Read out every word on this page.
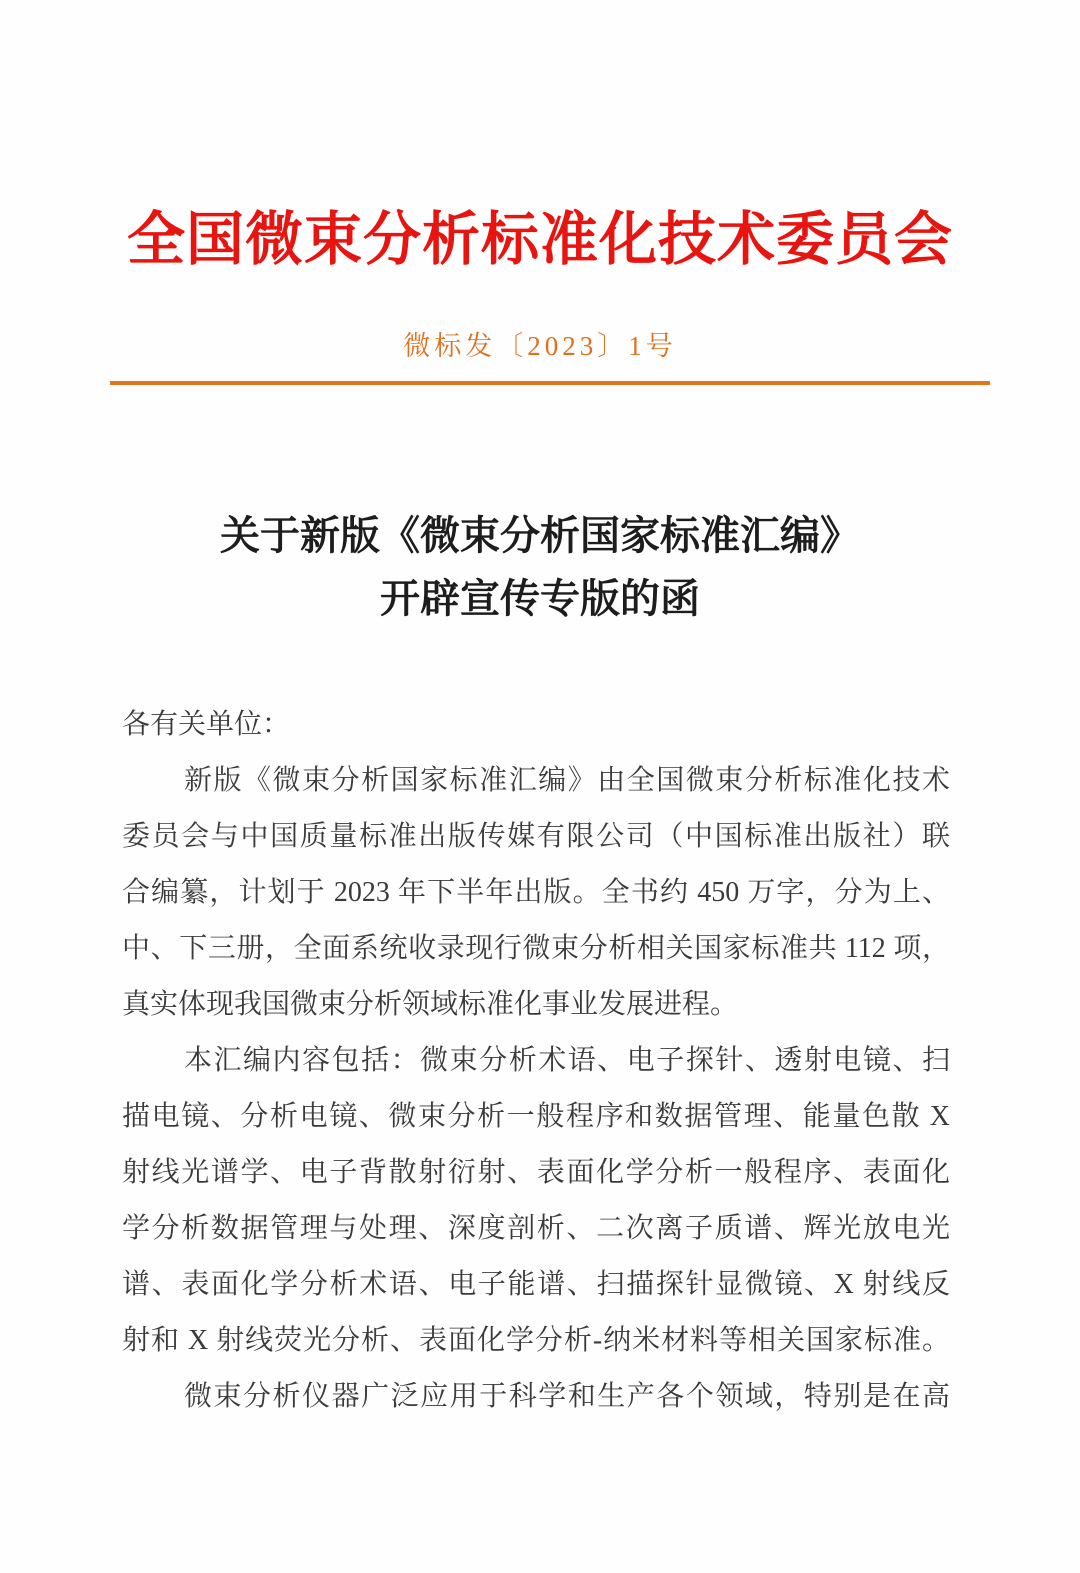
全国微束分析标准化技术委员会
微标发〔2023〕1号
关于新版《微束分析国家标准汇编》
开辟宣传专版的函
各有关单位：
新版《微束分析国家标准汇编》由全国微束分析标准化技术
委员会与中国质量标准出版传媒有限公司（中国标准出版社）联
合编纂，计划于 2023 年下半年出版。全书约 450 万字，分为上、
中、下三册，全面系统收录现行微束分析相关国家标准共 112 项，
真实体现我国微束分析领域标准化事业发展进程。
本汇编内容包括：微束分析术语、电子探针、透射电镜、扫
描电镜、分析电镜、微束分析一般程序和数据管理、能量色散 X
射线光谱学、电子背散射衍射、表面化学分析一般程序、表面化
学分析数据管理与处理、深度剖析、二次离子质谱、辉光放电光
谱、表面化学分析术语、电子能谱、扫描探针显微镜、X 射线反
射和 X 射线荧光分析、表面化学分析-纳米材料等相关国家标准。
微束分析仪器广泛应用于科学和生产各个领域，特别是在高
